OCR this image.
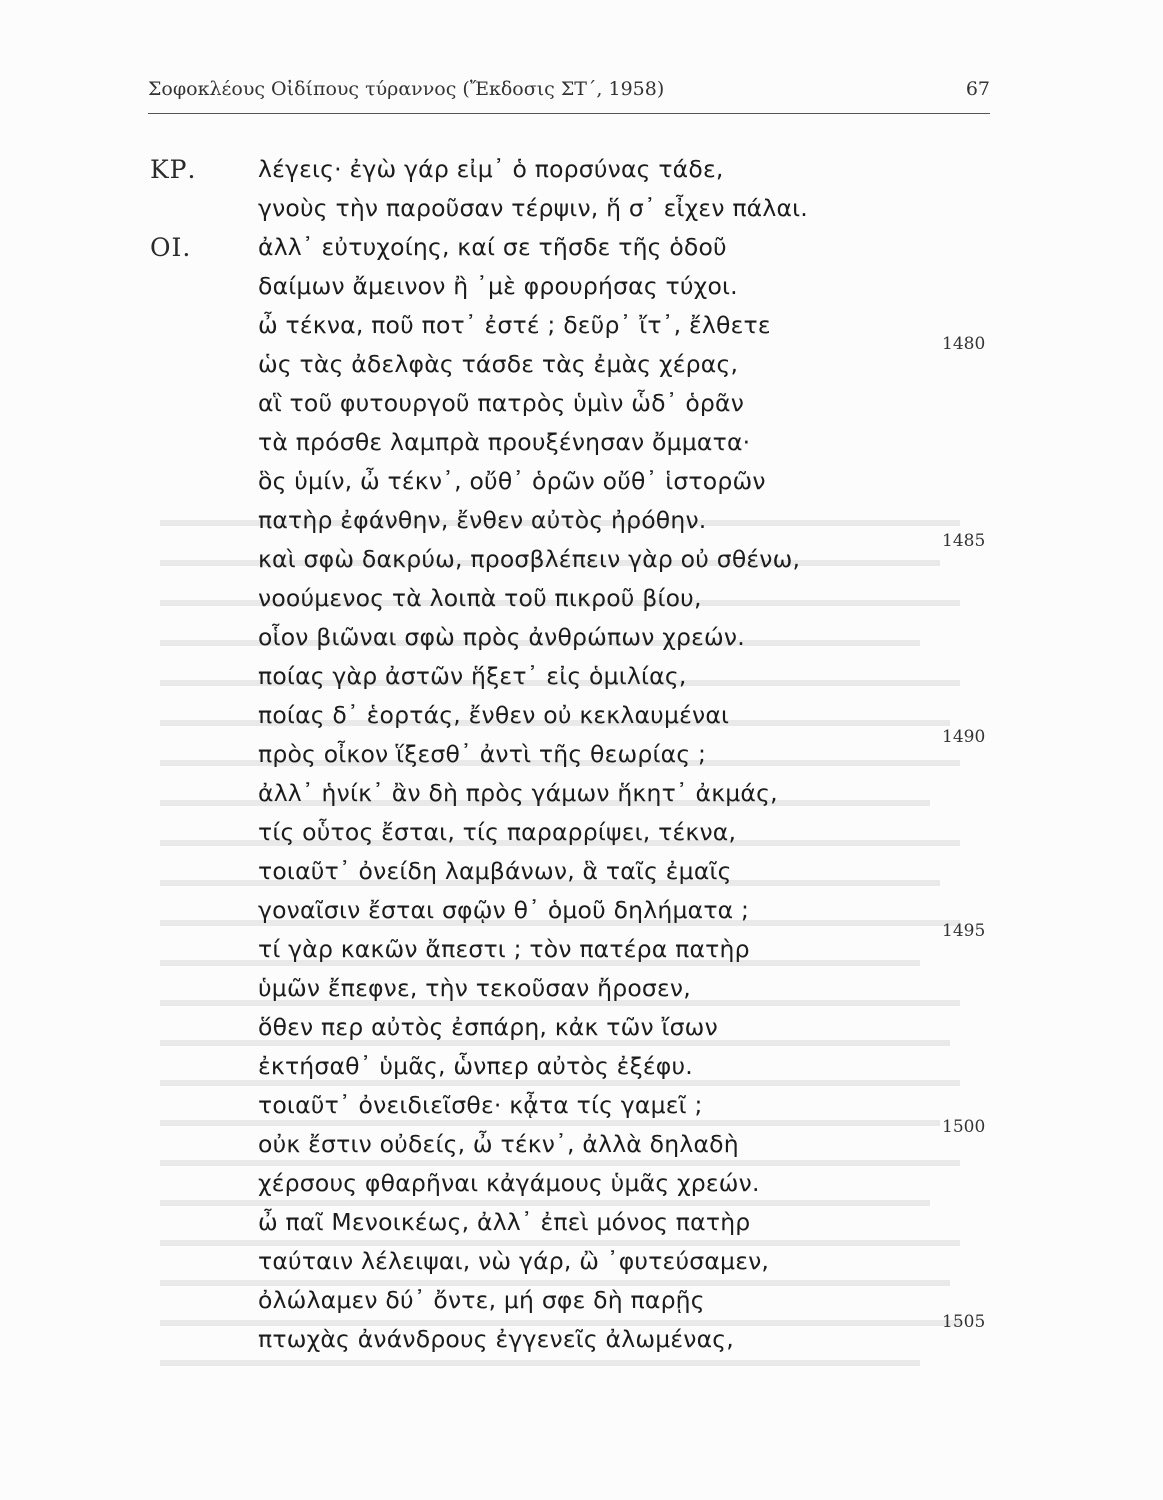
Σοφοκλέους Οἰδίπους τύραννος (Ἔκδοσις ΣΤ΄, 1958)	67
ΚΡ.
ΟΙ.
λέγεις· ἐγὼ γάρ εἰμ᾿ ὁ πορσύνας τάδε,
γνοὺς τὴν παροῦσαν τέρψιν, ἥ σ᾿ εἶχεν πάλαι.
ἀλλ᾿ εὐτυχοίης, καί σε τῆσδε τῆς ὁδοῦ
δαίμων ἄμεινον ἢ ᾿μὲ φρουρήσας τύχοι.
ὦ τέκνα, ποῦ ποτ᾿ ἐστέ ; δεῦρ᾿ ἴτ᾿, ἔλθετε
ὡς τὰς ἀδελφὰς τάσδε τὰς ἐμὰς χέρας,
αἳ τοῦ φυτουργοῦ πατρὸς ὑμὶν ὧδ᾿ ὁρᾶν
τὰ πρόσθε λαμπρὰ προυξένησαν ὄμματα·
ὃς ὑμίν, ὦ τέκν᾿, οὔθ᾿ ὁρῶν οὔθ᾿ ἱστορῶν
πατὴρ ἐφάνθην, ἔνθεν αὐτὸς ἠρόθην.
καὶ σφὼ δακρύω, προσβλέπειν γὰρ οὐ σθένω,
νοούμενος τὰ λοιπὰ τοῦ πικροῦ βίου,
οἷον βιῶναι σφὼ πρὸς ἀνθρώπων χρεών.
ποίας γὰρ ἀστῶν ἥξετ᾿ εἰς ὁμιλίας,
ποίας δ᾿ ἑορτάς, ἔνθεν οὐ κεκλαυμέναι
πρὸς οἶκον ἵξεσθ᾿ ἀντὶ τῆς θεωρίας ;
ἀλλ᾿ ἡνίκ᾿ ἂν δὴ πρὸς γάμων ἥκητ᾿ ἀκμάς,
τίς οὗτος ἔσται, τίς παραρρίψει, τέκνα,
τοιαῦτ᾿ ὀνείδη λαμβάνων, ἃ ταῖς ἐμαῖς
γοναῖσιν ἔσται σφῷν θ᾿ ὁμοῦ δηλήματα ;
τί γὰρ κακῶν ἄπεστι ; τὸν πατέρα πατὴρ
ὑμῶν ἔπεφνε, τὴν τεκοῦσαν ἤροσεν,
ὅθεν περ αὐτὸς ἐσπάρη, κἀκ τῶν ἴσων
ἐκτήσαθ᾿ ὑμᾶς, ὧνπερ αὐτὸς ἐξέφυ.
τοιαῦτ᾿ ὀνειδιεῖσθε· κᾆτα τίς γαμεῖ ;
οὐκ ἔστιν οὐδείς, ὦ τέκν᾿, ἀλλὰ δηλαδὴ
χέρσους φθαρῆναι κἀγάμους ὑμᾶς χρεών.
ὦ παῖ Μενοικέως, ἀλλ᾿ ἐπεὶ μόνος πατὴρ
ταύταιν λέλειψαι, νὼ γάρ, ὢ ᾿φυτεύσαμεν,
ὀλώλαμεν δύ᾿ ὄντε, μή σφε δὴ παρῇς
πτωχὰς ἀνάνδρους ἐγγενεῖς ἀλωμένας,
1480
1485
1490
1495
1500
1505
